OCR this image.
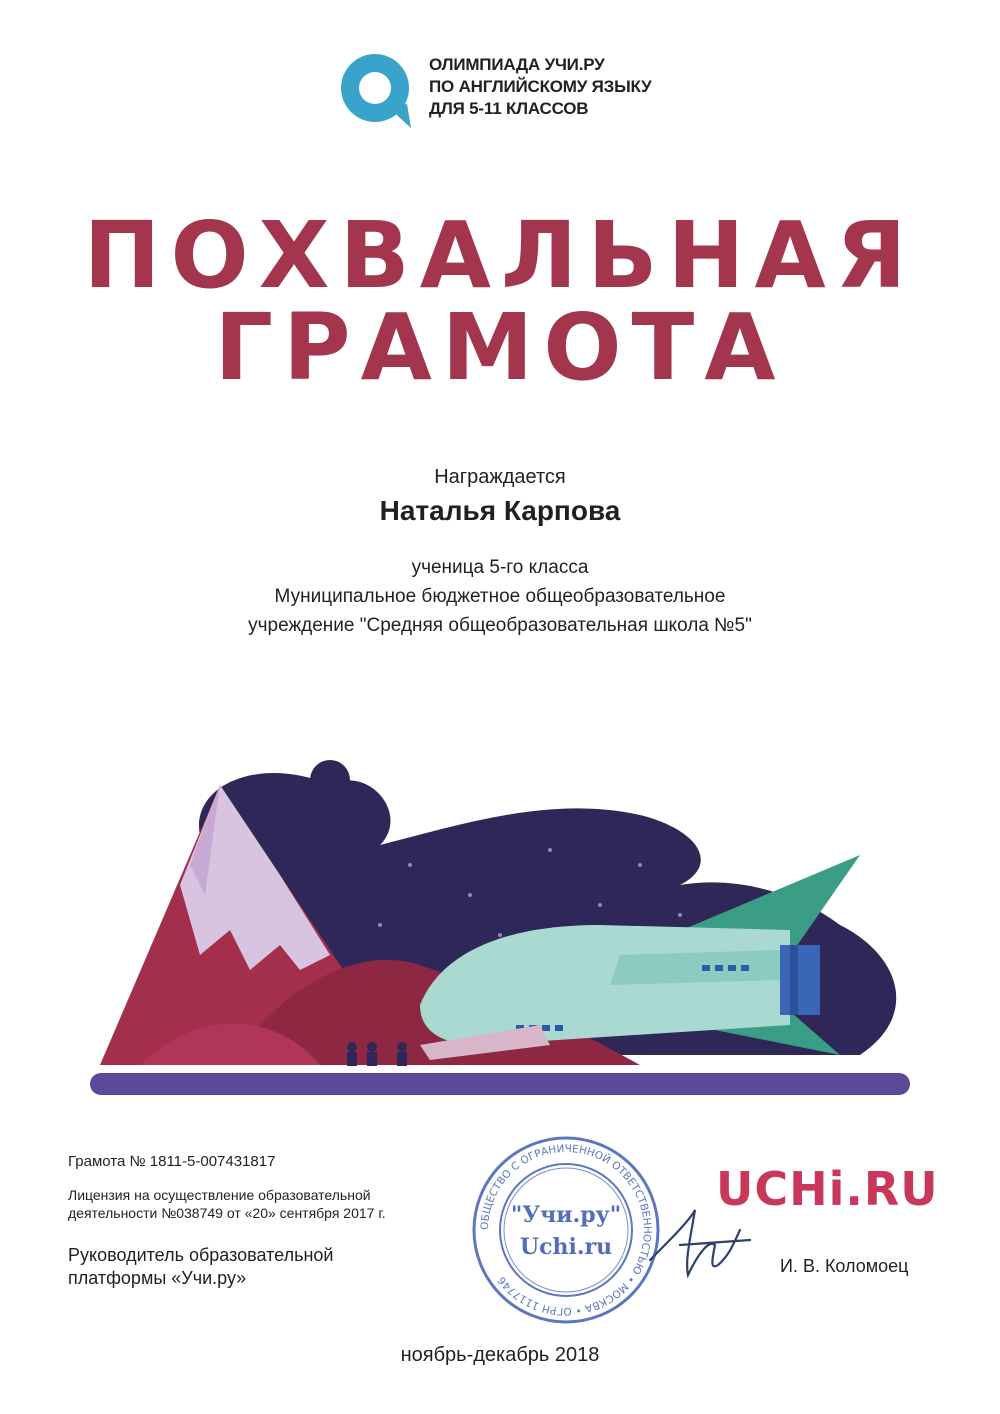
ОЛИМПИАДА УЧИ.РУ
ПО АНГЛИЙСКОМУ ЯЗЫКУ
ДЛЯ 5-11 КЛАССОВ
ПОХВАЛЬНАЯ
ГРАМОТА
Награждается
Наталья Карпова
ученица 5-го класса
Муниципальное бюджетное общеобразовательное
учреждение "Средняя общеобразовательная школа №5"
Грамота № 1811-5-007431817
Лицензия на осуществление образовательной
деятельности №038749 от «20» сентября 2017 г.
Руководитель образовательной
платформы «Учи.ру»
ОБЩЕСТВО С ОГРАНИЧЕННОЙ ОТВЕТСТВЕННОСТЬЮ • МОСКВА • ОГРН 1117746
"Учи.ру"
Uchi.ru
UCHi.RU
И. В. Коломоец
ноябрь-декабрь 2018
